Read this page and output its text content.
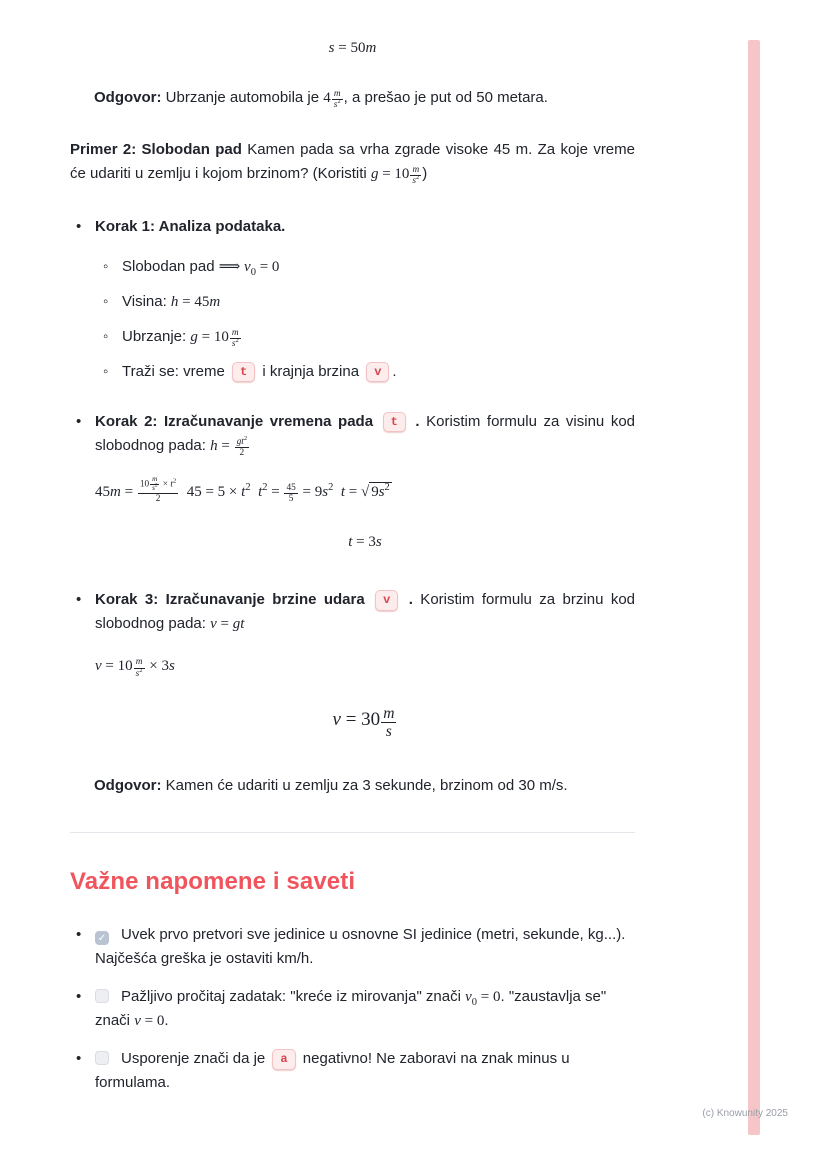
s = 50m

Odgovor: Ubrzanje automobila je $4 \frac{m}{s^2}$ , a prešao je put od 50 metara.

Primer 2: Slobodan pad Kamen pada sa vrha zgrade visoke 45 m. Za koje vreme će udariti u zemlju i kojom brzinom? (Koristiti $g = 10 \frac{m}{s^2}$ )

• Korak 1: Analiza podataka.

◦ Slobodan pad ⟹ $v_0 = 0$
◦ Visina: h = 45m
◦ Ubrzanje: $g = 10 \frac{m}{s^2}$
◦ Traži se: vreme t i krajnja brzina v .

• Korak 2: Izračunavanje vremena pada t . Koristim formulu za visinu kod slobodnog pada: $h = \frac{gt^2}{2}$

$45m = \frac{10 \frac{m}{s^2} \times t^2}{2} 45 = 5 \times t^2$ $t^2 = \frac{45}{5} = 9s^2$ t = √ $9s^2$

t = 3s

• Korak 3: Izračunavanje brzine udara v . Koristim formulu za brzinu kod slobodnog pada: v = gt

$v = 10 \frac{m}{s^2} \times 3s$

$v = 30 \frac{m}{s}$

Odgovor: Kamen će udariti u zemlju za 3 sekunde, brzinom od 30 m/s.

Važne napomene i saveti
• ✓ Uvek prvo pretvori sve jedinice u osnovne SI jedinice (metri, sekunde, kg...). Najčešća greška je ostaviti km/h.
• Pažljivo pročitaj zadatak: "kreće iz mirovanja" znači $v_0 = 0$. "zaustavlja se" znači v = 0.
• Usporenje znači da je a negativno! Ne zaboravi na znak minus u formulama.
(c) Knowunity 2025
